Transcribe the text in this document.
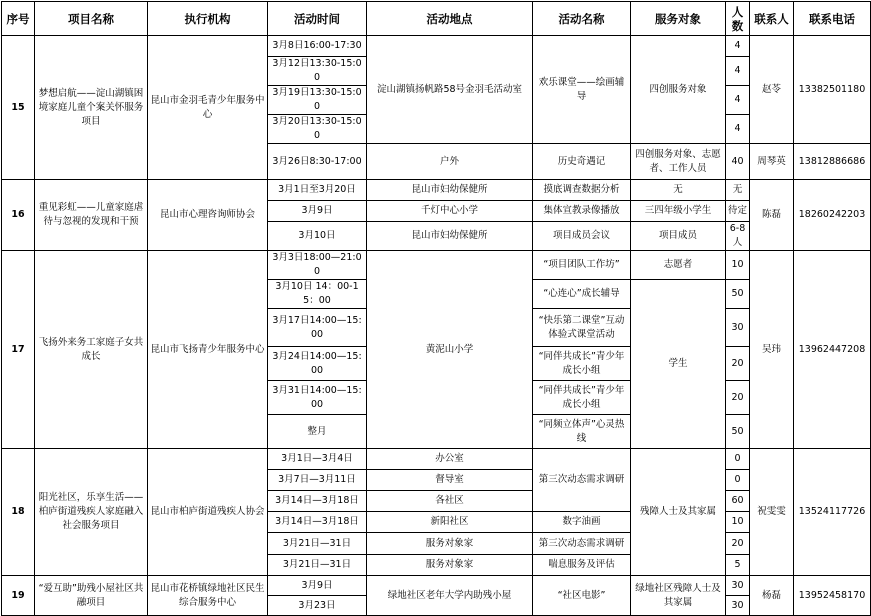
序号	项目名称	执行机构	活动时间	活动地点	活动名称	服务对象	人数	联系人	联系电话
15	梦想启航——淀山湖镇困境家庭儿童个案关怀服务项目	昆山市金羽毛青少年服务中心	3月8日16:00-17:30	淀山湖镇扬帆路58号金羽毛活动室	欢乐课堂——绘画辅导	四创服务对象	4	赵苓	13382501180
			3月12日13:30-15:00				4		
			3月19日13:30-15:00				4		
			3月20日13:30-15:00				4		
			3月26日8:30-17:00	户外	历史奇遇记	四创服务对象、志愿者、工作人员	40	周琴英	13812886686
16	重见彩虹——儿童家庭虐待与忽视的发现和干预	昆山市心理咨询师协会	3月1日至3月20日	昆山市妇幼保健所	摸底调查数据分析	无	无	陈磊	18260242203
			3月9日	千灯中心小学	集体宣教录像播放	三四年级小学生	待定		
			3月10日	昆山市妇幼保健所	项目成员会议	项目成员	6-8人		
17	飞扬外来务工家庭子女共成长	昆山市飞扬青少年服务中心	3月3日18:00—21:00	黄泥山小学	“项目团队工作坊”	志愿者	10	吴玮	13962447208

			3月10日 14：00-15：00		“心连心”成长辅导	学生	50		
			3月17日14:00—15:00		“快乐第二课堂”互动体验式课堂活动		30		
			3月24日14:00—15:00		“同伴共成长”青少年成长小组		20		
			3月31日14:00—15:00		“同伴共成长”青少年成长小组		20		
			整月		“同频立体声”心灵热线		50		
18	阳光社区，乐享生活——柏庐街道残疾人家庭融入社会服务项目	昆山市柏庐街道残疾人协会	3月1日—3月4日	办公室	第三次动态需求调研	残障人士及其家属	0	祝雯雯	13524117726
			3月7日—3月11日	督导室			0		
			3月14日—3月18日	各社区			60		
			3月14日—3月18日	新阳社区	数字油画		10		
			3月21日—31日	服务对象家	第三次动态需求调研		20		
			3月21日—31日	服务对象家	喘息服务及评估		5		
19	“爱互助”助残小屋社区共融项目	昆山市花桥镇绿地社区民生综合服务中心	3月9日	绿地社区老年大学内助残小屋	“社区电影”	绿地社区残障人士及其家属	30	杨磊	13952458170
			3月23日				30		
